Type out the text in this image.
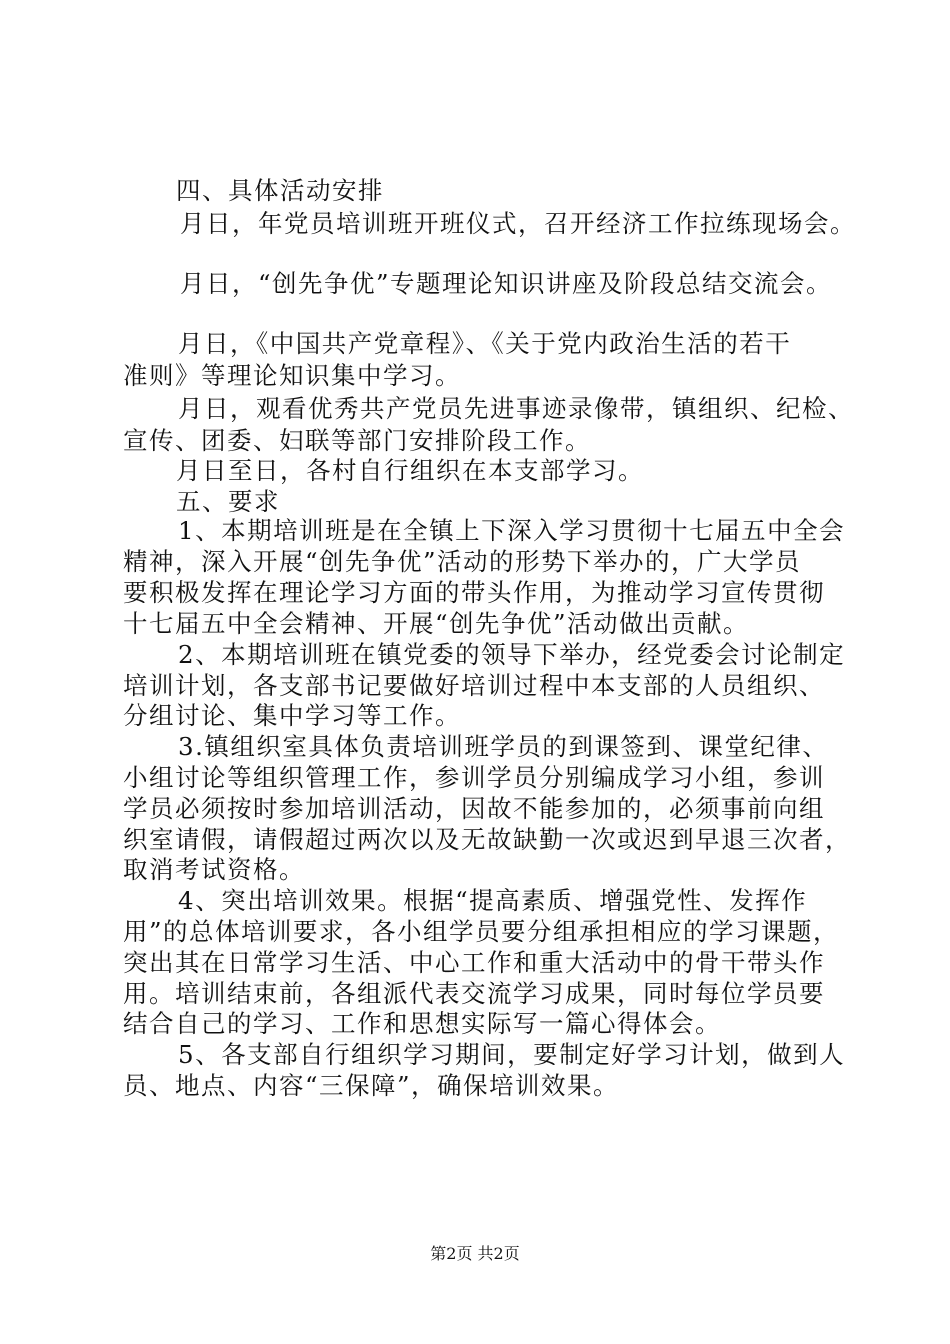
四、具体活动安排
月日，年党员培训班开班仪式，召开经济工作拉练现场会。
月日，“创先争优”专题理论知识讲座及阶段总结交流会。
月日，《中国共产党章程》、《关于党内政治生活的若干
准则》等理论知识集中学习。
月日，观看优秀共产党员先进事迹录像带，镇组织、纪检、
宣传、团委、妇联等部门安排阶段工作。
月日至日，各村自行组织在本支部学习。
五、要求
1、本期培训班是在全镇上下深入学习贯彻十七届五中全会
精神，深入开展“创先争优”活动的形势下举办的，广大学员
要积极发挥在理论学习方面的带头作用，为推动学习宣传贯彻
十七届五中全会精神、开展“创先争优”活动做出贡献。
2、本期培训班在镇党委的领导下举办，经党委会讨论制定
培训计划，各支部书记要做好培训过程中本支部的人员组织、
分组讨论、集中学习等工作。
3.镇组织室具体负责培训班学员的到课签到、课堂纪律、
小组讨论等组织管理工作，参训学员分别编成学习小组，参训
学员必须按时参加培训活动，因故不能参加的，必须事前向组
织室请假，请假超过两次以及无故缺勤一次或迟到早退三次者，
取消考试资格。
4、突出培训效果。根据“提高素质、增强党性、发挥作
用”的总体培训要求，各小组学员要分组承担相应的学习课题，
突出其在日常学习生活、中心工作和重大活动中的骨干带头作
用。培训结束前，各组派代表交流学习成果，同时每位学员要
结合自己的学习、工作和思想实际写一篇心得体会。
5、各支部自行组织学习期间，要制定好学习计划，做到人
员、地点、内容“三保障”，确保培训效果。
第2页 共2页
